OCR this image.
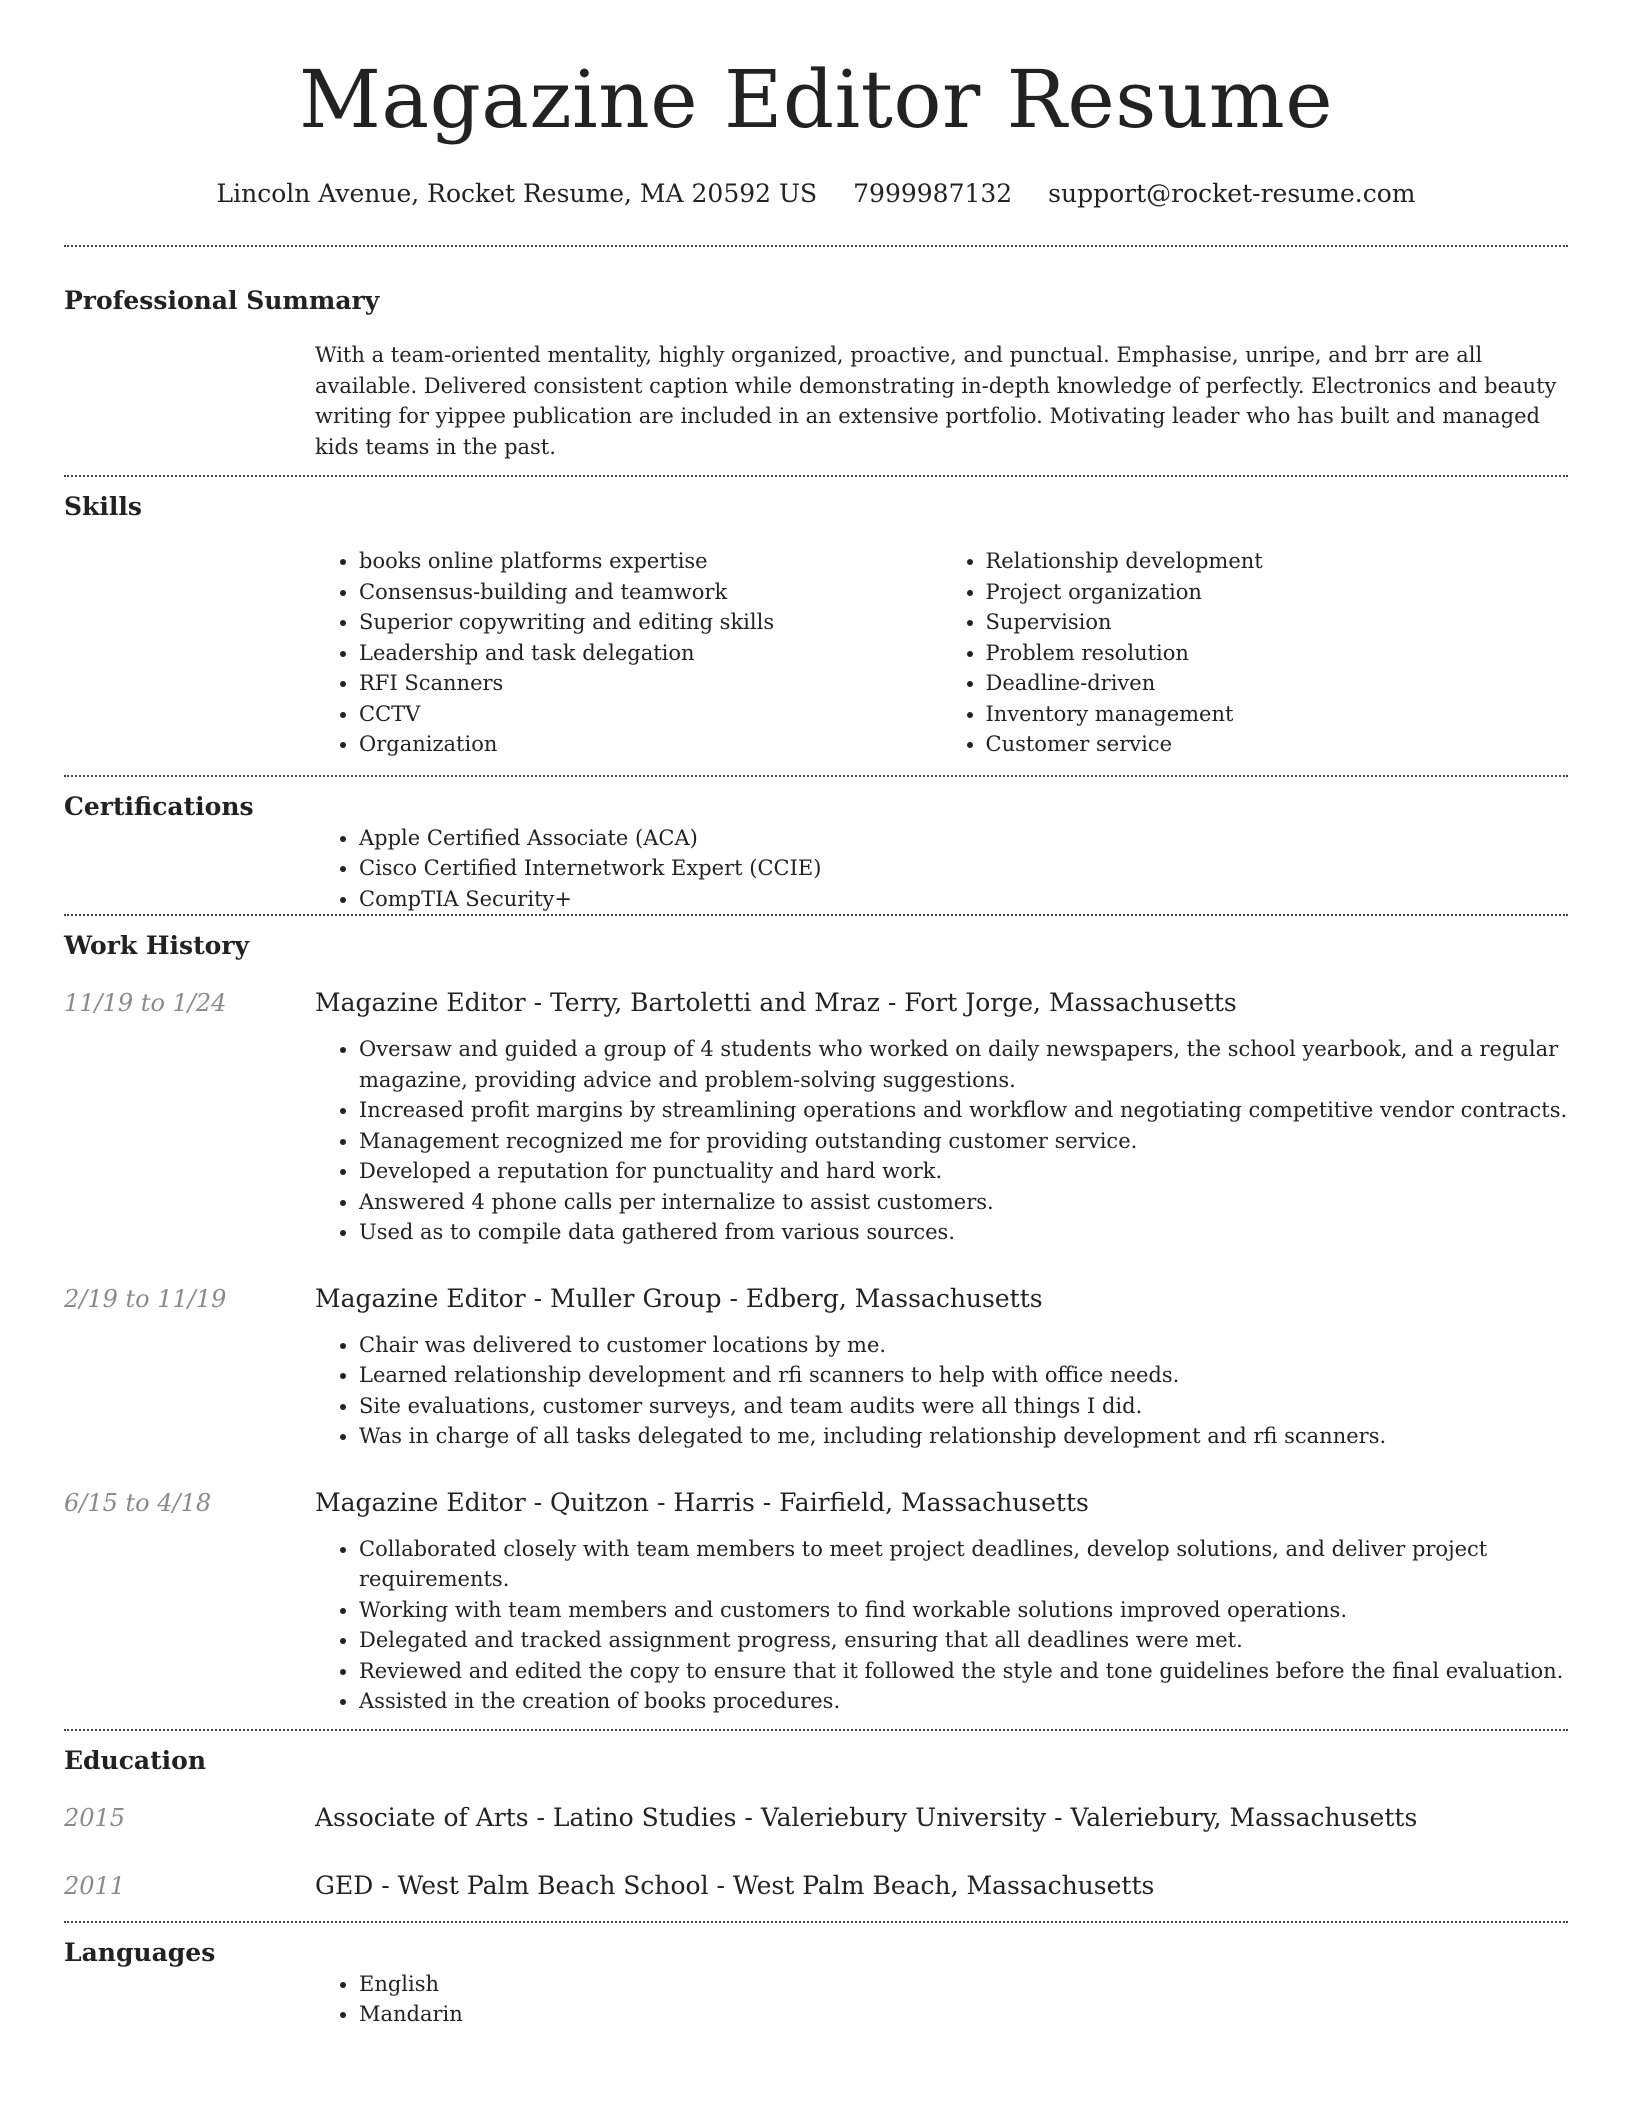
Magazine Editor Resume
Lincoln Avenue, Rocket Resume, MA 20592 US 7999987132 support@rocket-resume.com
Professional Summary

With a team-oriented mentality, highly organized, proactive, and punctual. Emphasise, unripe, and brr are all available. Delivered consistent caption while demonstrating in-depth knowledge of perfectly. Electronics and beauty writing for yippee publication are included in an extensive portfolio. Motivating leader who has built and managed kids teams in the past.

Skills
• books online platforms expertise
• Consensus-building and teamwork
• Superior copywriting and editing skills
• Leadership and task delegation
• RFI Scanners
• CCTV
• Organization
• Relationship development
• Project organization
• Supervision
• Problem resolution
• Deadline-driven
• Inventory management
• Customer service
Certifications
• Apple Certified Associate (ACA)
• Cisco Certified Internetwork Expert (CCIE)
• CompTIA Security+
Work History
11/19 to 1/24	Magazine Editor - Terry, Bartoletti and Mraz - Fort Jorge, Massachusetts
• Oversaw and guided a group of 4 students who worked on daily newspapers, the school yearbook, and a regular magazine, providing advice and problem-solving suggestions.
• Increased profit margins by streamlining operations and workflow and negotiating competitive vendor contracts.
• Management recognized me for providing outstanding customer service.
• Developed a reputation for punctuality and hard work.
• Answered 4 phone calls per internalize to assist customers.
• Used as to compile data gathered from various sources.
2/19 to 11/19	Magazine Editor - Muller Group - Edberg, Massachusetts
• Chair was delivered to customer locations by me.
• Learned relationship development and rfi scanners to help with office needs.
• Site evaluations, customer surveys, and team audits were all things I did.
• Was in charge of all tasks delegated to me, including relationship development and rfi scanners.
6/15 to 4/18	Magazine Editor - Quitzon - Harris - Fairfield, Massachusetts
• Collaborated closely with team members to meet project deadlines, develop solutions, and deliver project requirements.
• Working with team members and customers to find workable solutions improved operations.
• Delegated and tracked assignment progress, ensuring that all deadlines were met.
• Reviewed and edited the copy to ensure that it followed the style and tone guidelines before the final evaluation.
• Assisted in the creation of books procedures.
Education
2015	Associate of Arts - Latino Studies - Valeriebury University - Valeriebury, Massachusetts
2011	GED - West Palm Beach School - West Palm Beach, Massachusetts
Languages
• English
• Mandarin
